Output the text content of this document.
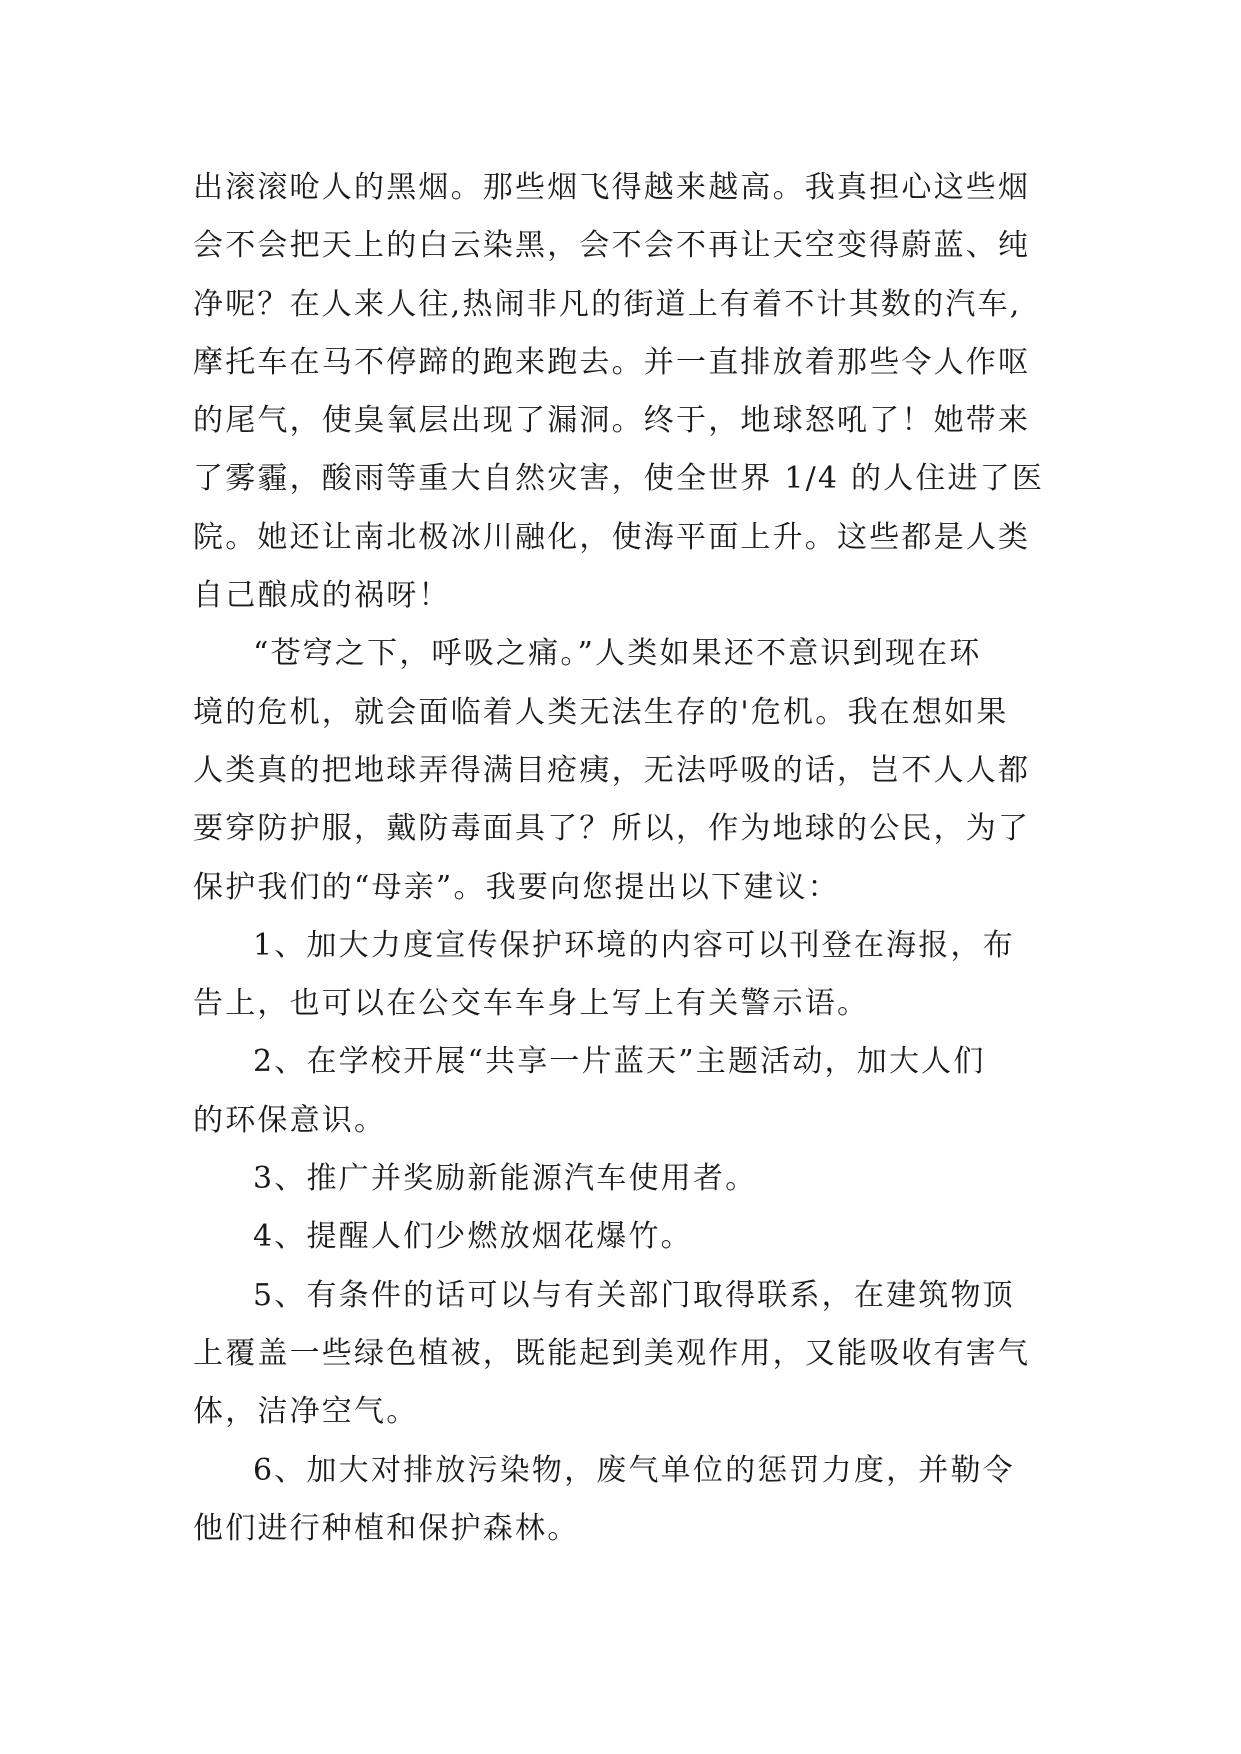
出滚滚呛人的黑烟。那些烟飞得越来越高。我真担心这些烟
会不会把天上的白云染黑，会不会不再让天空变得蔚蓝、纯
净呢？在人来人往,热闹非凡的街道上有着不计其数的汽车,
摩托车在马不停蹄的跑来跑去。并一直排放着那些令人作呕
的尾气，使臭氧层出现了漏洞。终于，地球怒吼了！她带来
了雾霾，酸雨等重大自然灾害，使全世界 1/4 的人住进了医
院。她还让南北极冰川融化，使海平面上升。这些都是人类
自己酿成的祸呀！
“苍穹之下，呼吸之痛。”人类如果还不意识到现在环
境的危机，就会面临着人类无法生存的'危机。我在想如果
人类真的把地球弄得满目疮痍，无法呼吸的话，岂不人人都
要穿防护服，戴防毒面具了？所以，作为地球的公民，为了
保护我们的“母亲”。我要向您提出以下建议：
1、加大力度宣传保护环境的内容可以刊登在海报，布
告上，也可以在公交车车身上写上有关警示语。
2、在学校开展“共享一片蓝天”主题活动，加大人们
的环保意识。
3、推广并奖励新能源汽车使用者。
4、提醒人们少燃放烟花爆竹。
5、有条件的话可以与有关部门取得联系，在建筑物顶
上覆盖一些绿色植被，既能起到美观作用，又能吸收有害气
体，洁净空气。
6、加大对排放污染物，废气单位的惩罚力度，并勒令
他们进行种植和保护森林。
